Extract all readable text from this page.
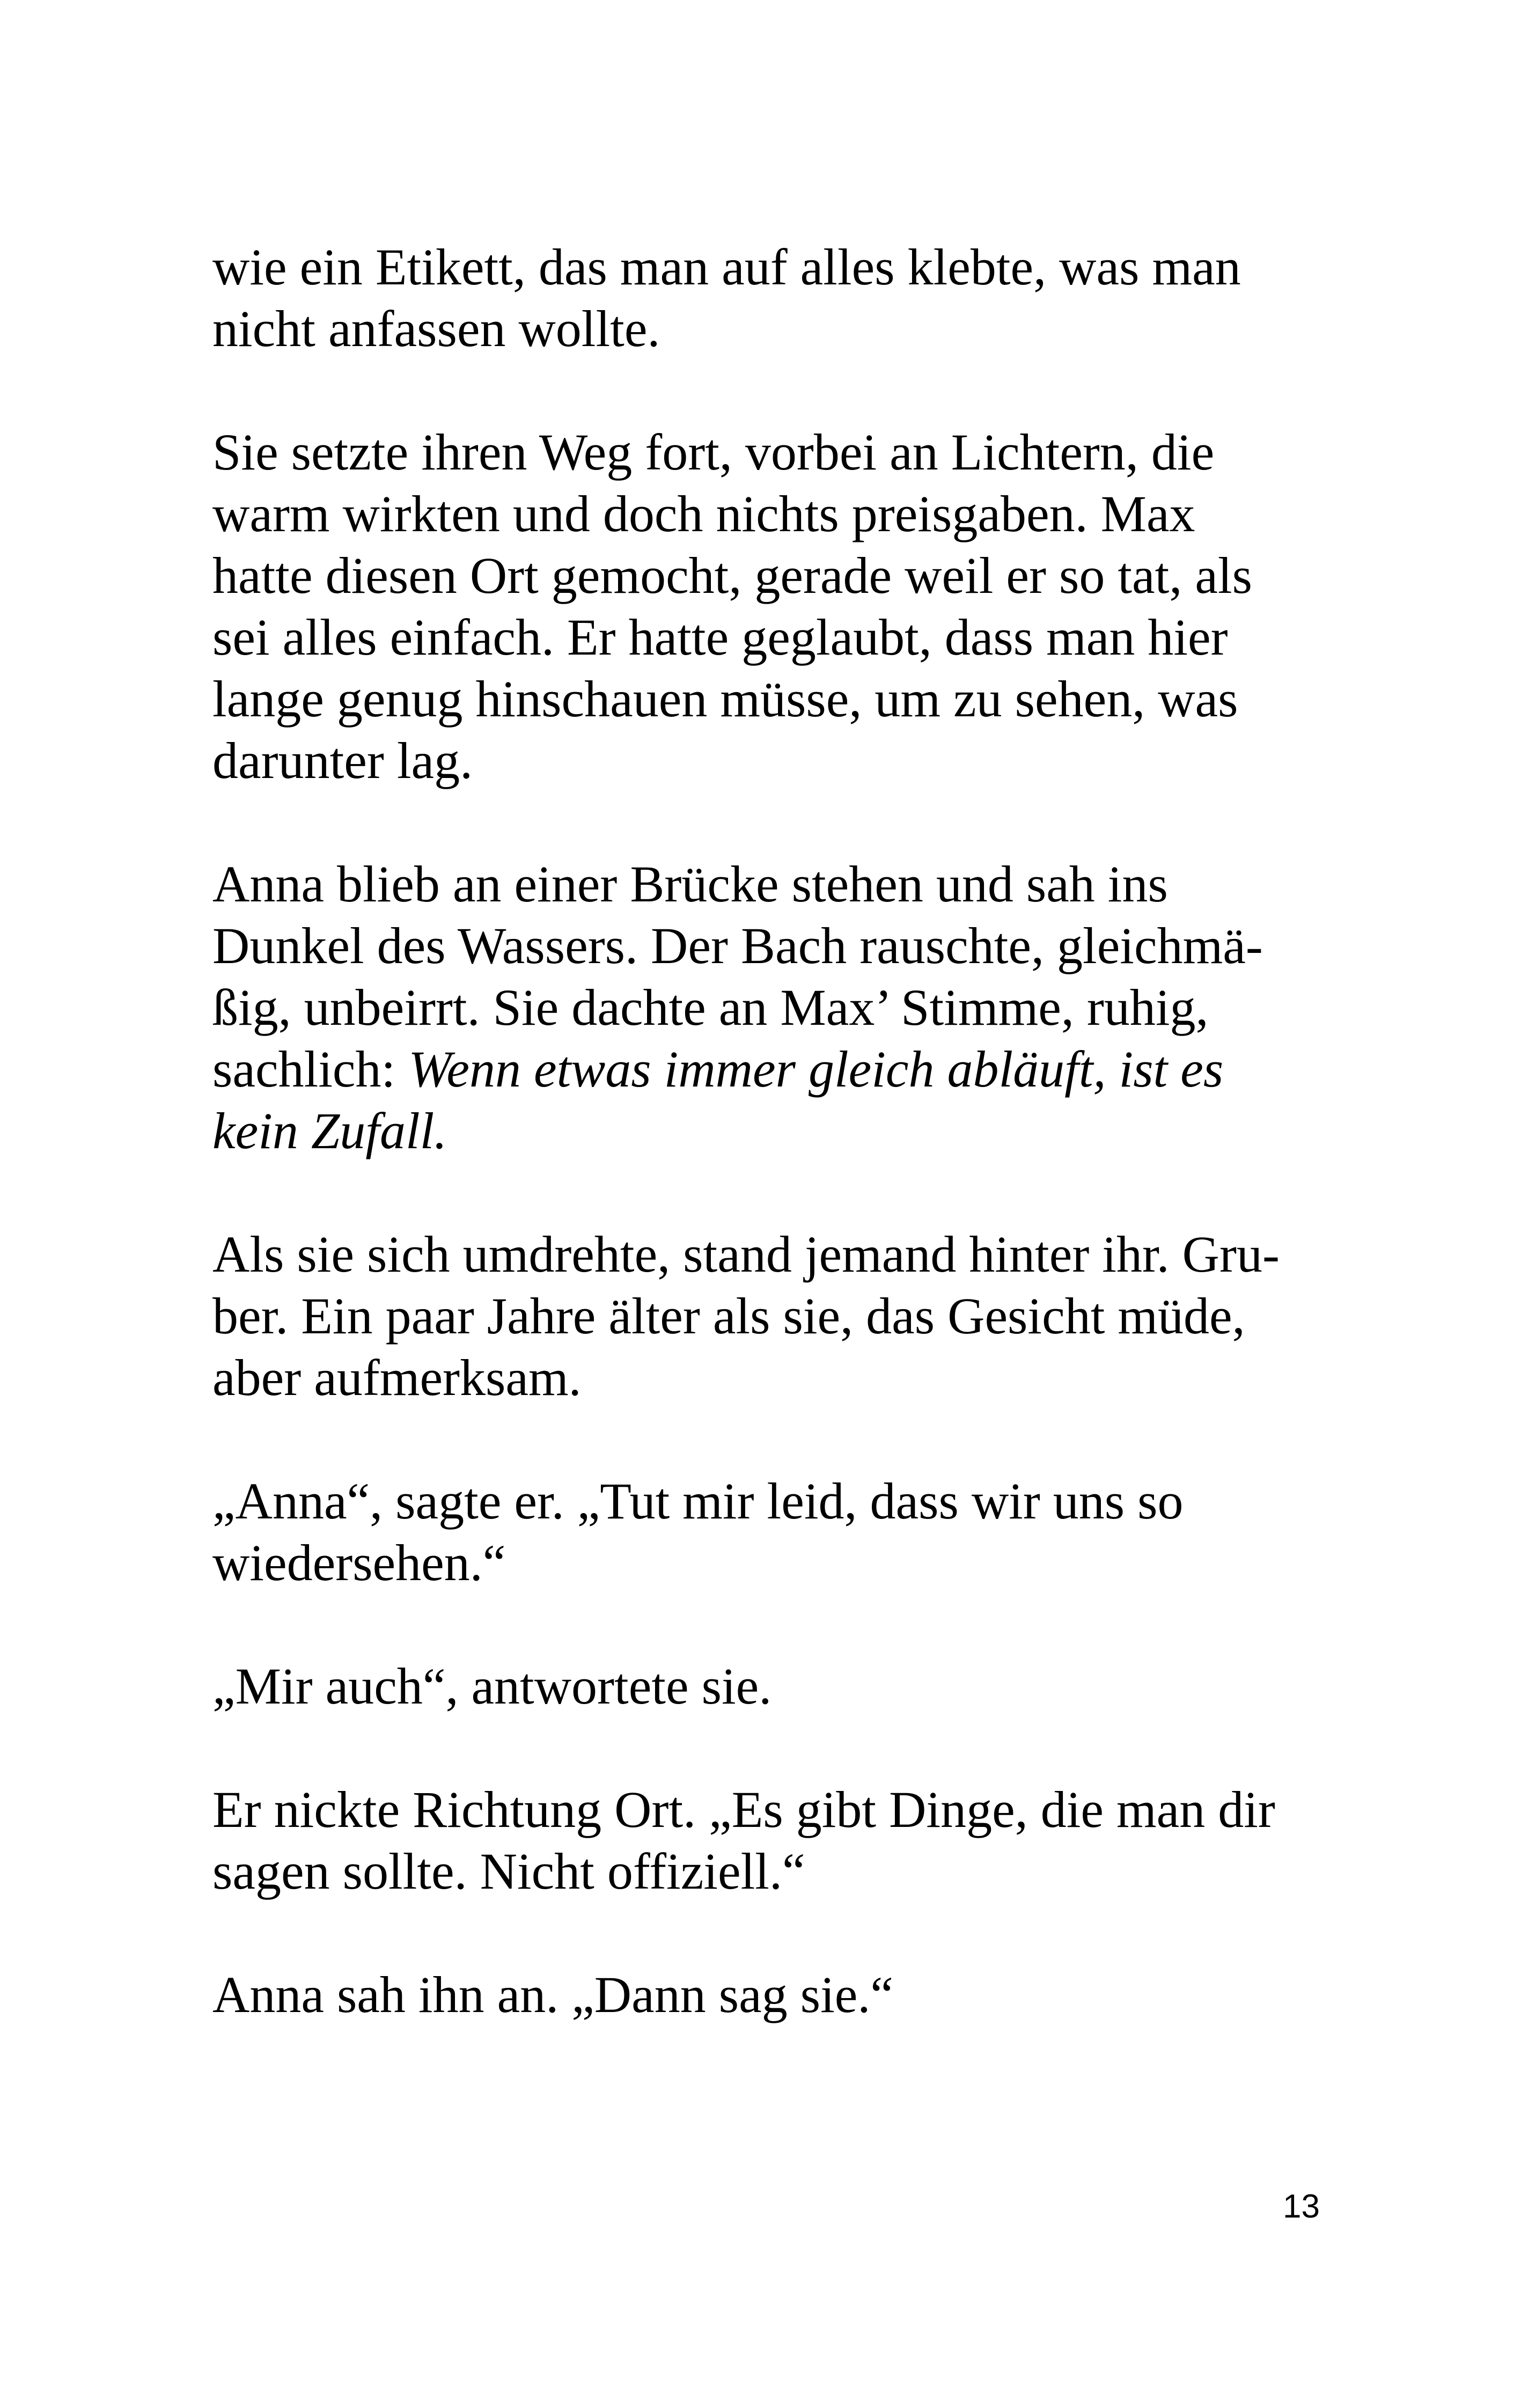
wie ein Etikett, das man auf alles klebte, was man
nicht anfassen wollte.

Sie setzte ihren Weg fort, vorbei an Lichtern, die
warm wirkten und doch nichts preisgaben. Max
hatte diesen Ort gemocht, gerade weil er so tat, als
sei alles einfach. Er hatte geglaubt, dass man hier
lange genug hinschauen müsse, um zu sehen, was
darunter lag.

Anna blieb an einer Brücke stehen und sah ins
Dunkel des Wassers. Der Bach rauschte, gleichmä-
ßig, unbeirrt. Sie dachte an Max’ Stimme, ruhig,
sachlich: Wenn etwas immer gleich abläuft, ist es
kein Zufall.

Als sie sich umdrehte, stand jemand hinter ihr. Gru-
ber. Ein paar Jahre älter als sie, das Gesicht müde,
aber aufmerksam.

„Anna“, sagte er. „Tut mir leid, dass wir uns so
wiedersehen.“

„Mir auch“, antwortete sie.

Er nickte Richtung Ort. „Es gibt Dinge, die man dir
sagen sollte. Nicht offiziell.“

Anna sah ihn an. „Dann sag sie.“

13
